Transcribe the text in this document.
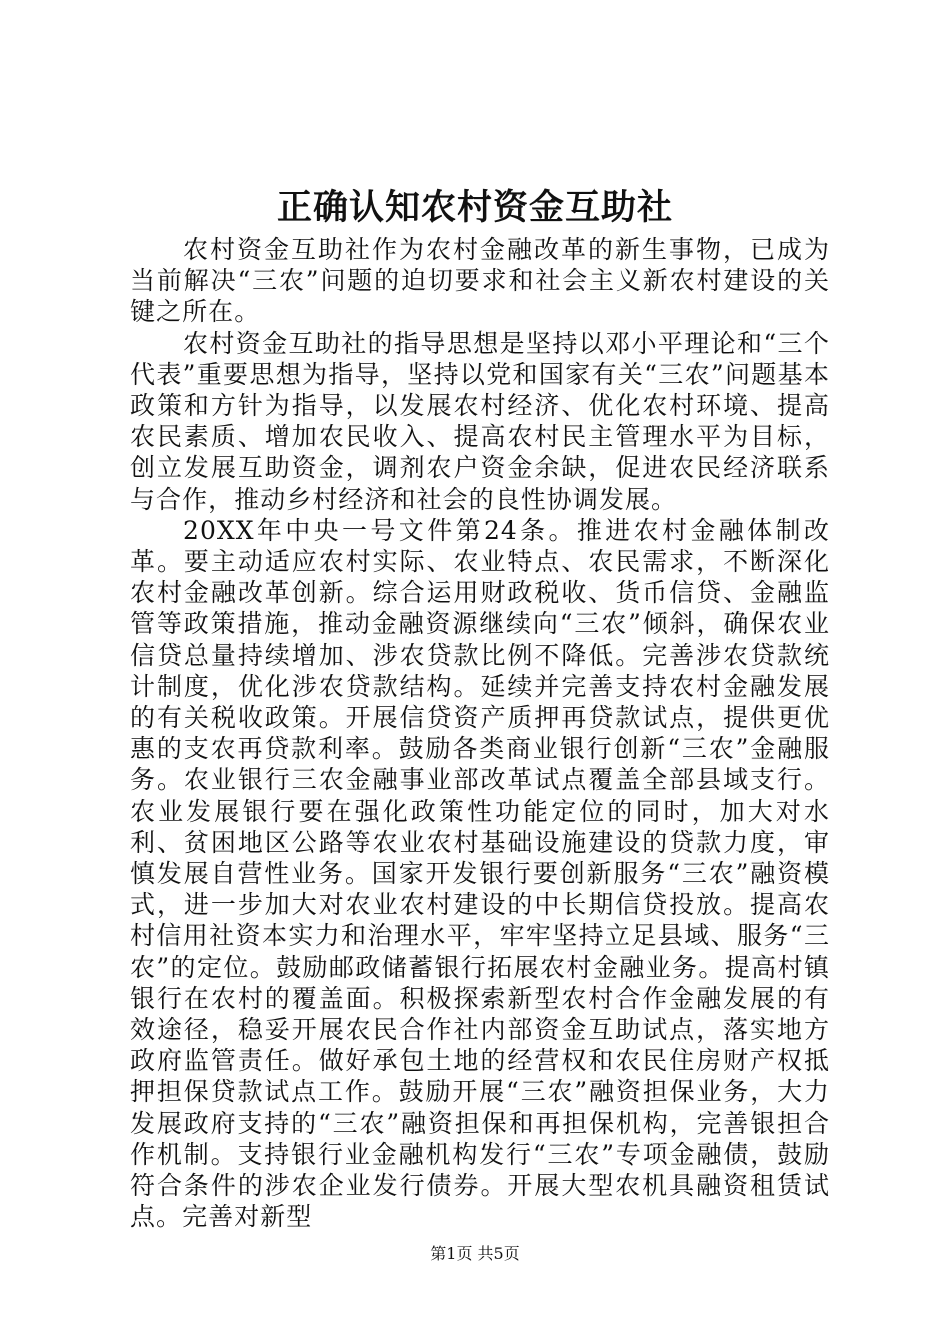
正确认知农村资金互助社

农村资金互助社作为农村金融改革的新生事物，已成为当前解决“三农”问题的迫切要求和社会主义新农村建设的关键之所在。

农村资金互助社的指导思想是坚持以邓小平理论和“三个代表”重要思想为指导，坚持以党和国家有关“三农”问题基本政策和方针为指导，以发展农村经济、优化农村环境、提高农民素质、增加农民收入、提高农村民主管理水平为目标，创立发展互助资金，调剂农户资金余缺，促进农民经济联系与合作，推动乡村经济和社会的良性协调发展。

20XX年中央一号文件第24条。推进农村金融体制改革。要主动适应农村实际、农业特点、农民需求，不断深化农村金融改革创新。综合运用财政税收、货币信贷、金融监管等政策措施，推动金融资源继续向“三农”倾斜，确保农业信贷总量持续增加、涉农贷款比例不降低。完善涉农贷款统计制度，优化涉农贷款结构。延续并完善支持农村金融发展的有关税收政策。开展信贷资产质押再贷款试点，提供更优惠的支农再贷款利率。鼓励各类商业银行创新“三农”金融服务。农业银行三农金融事业部改革试点覆盖全部县域支行。农业发展银行要在强化政策性功能定位的同时，加大对水利、贫困地区公路等农业农村基础设施建设的贷款力度，审慎发展自营性业务。国家开发银行要创新服务“三农”融资模式，进一步加大对农业农村建设的中长期信贷投放。提高农村信用社资本实力和治理水平，牢牢坚持立足县域、服务“三农”的定位。鼓励邮政储蓄银行拓展农村金融业务。提高村镇银行在农村的覆盖面。积极探索新型农村合作金融发展的有效途径，稳妥开展农民合作社内部资金互助试点，落实地方政府监管责任。做好承包土地的经营权和农民住房财产权抵押担保贷款试点工作。鼓励开展“三农”融资担保业务，大力发展政府支持的“三农”融资担保和再担保机构，完善银担合作机制。支持银行业金融机构发行“三农”专项金融债，鼓励符合条件的涉农企业发行债券。开展大型农机具融资租赁试点。完善对新型

第1页 共5页
